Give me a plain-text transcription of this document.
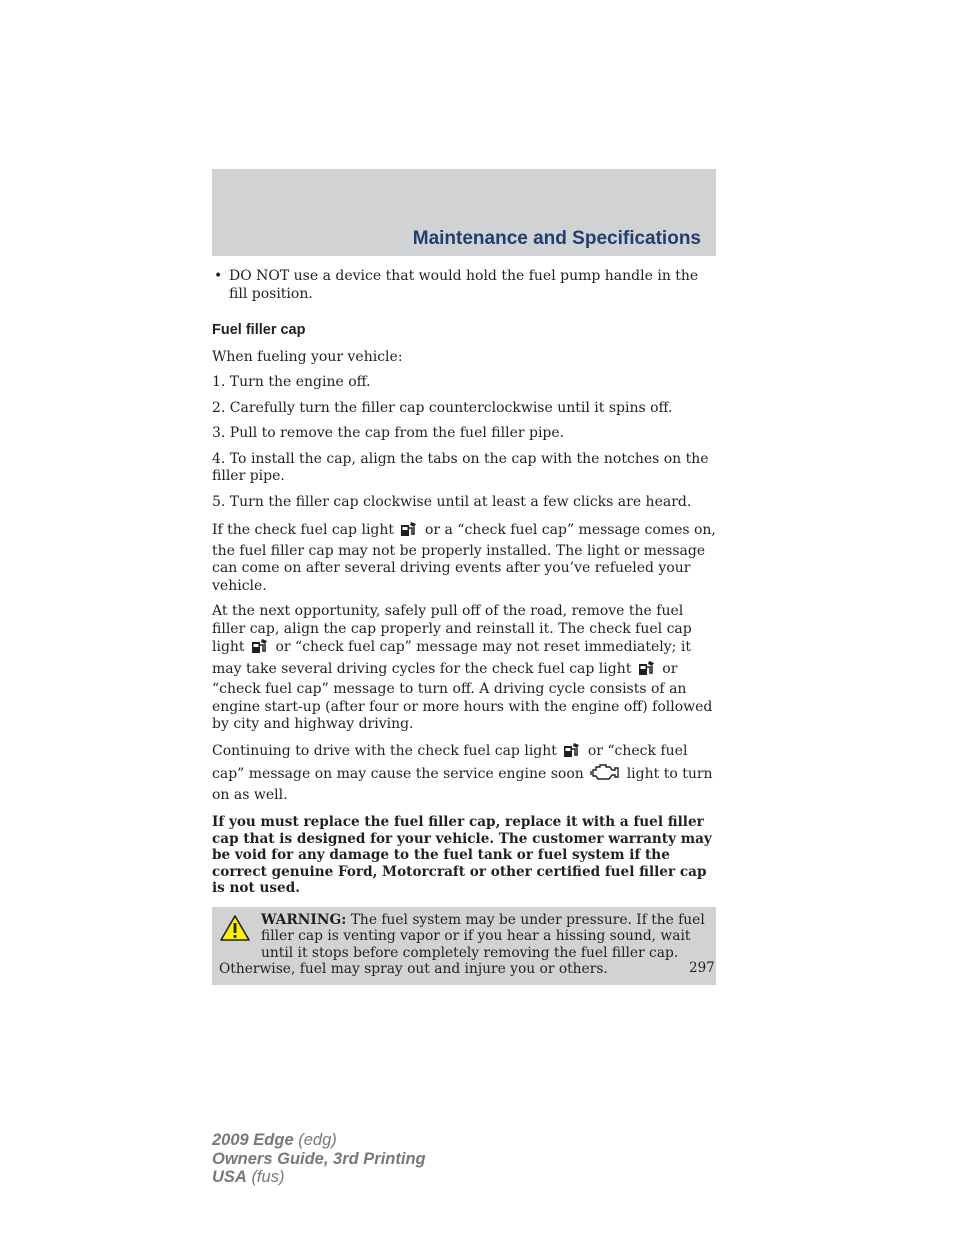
Maintenance and Specifications
• DO NOT use a device that would hold the fuel pump handle in the fill position.
Fuel filler cap

When fueling your vehicle:

1. Turn the engine off.
2. Carefully turn the filler cap counterclockwise until it spins off.
3. Pull to remove the cap from the fuel filler pipe.
4. To install the cap, align the tabs on the cap with the notches on the filler pipe.
5. Turn the filler cap clockwise until at least a few clicks are heard.

If the check fuel cap light or a “check fuel cap” message comes on, the fuel filler cap may not be properly installed. The light or message can come on after several driving events after you’ve refueled your vehicle.

At the next opportunity, safely pull off of the road, remove the fuel filler cap, align the cap properly and reinstall it. The check fuel cap light or “check fuel cap” message may not reset immediately; it may take several driving cycles for the check fuel cap light or “check fuel cap” message to turn off. A driving cycle consists of an engine start-up (after four or more hours with the engine off) followed by city and highway driving.

Continuing to drive with the check fuel cap light or “check fuel cap” message on may cause the service engine soon	light to turn on as well.

If you must replace the fuel filler cap, replace it with a fuel filler cap that is designed for your vehicle. The customer warranty may be void for any damage to the fuel tank or fuel system if the correct genuine Ford, Motorcraft or other certified fuel filler cap is not used.
WARNING: The fuel system may be under pressure. If the fuel filler cap is venting vapor or if you hear a hissing sound, wait until it stops before completely removing the fuel filler cap. Otherwise, fuel may spray out and injure you or others.	297
2009 Edge (edg)
Owners Guide, 3rd Printing
USA (fus)
